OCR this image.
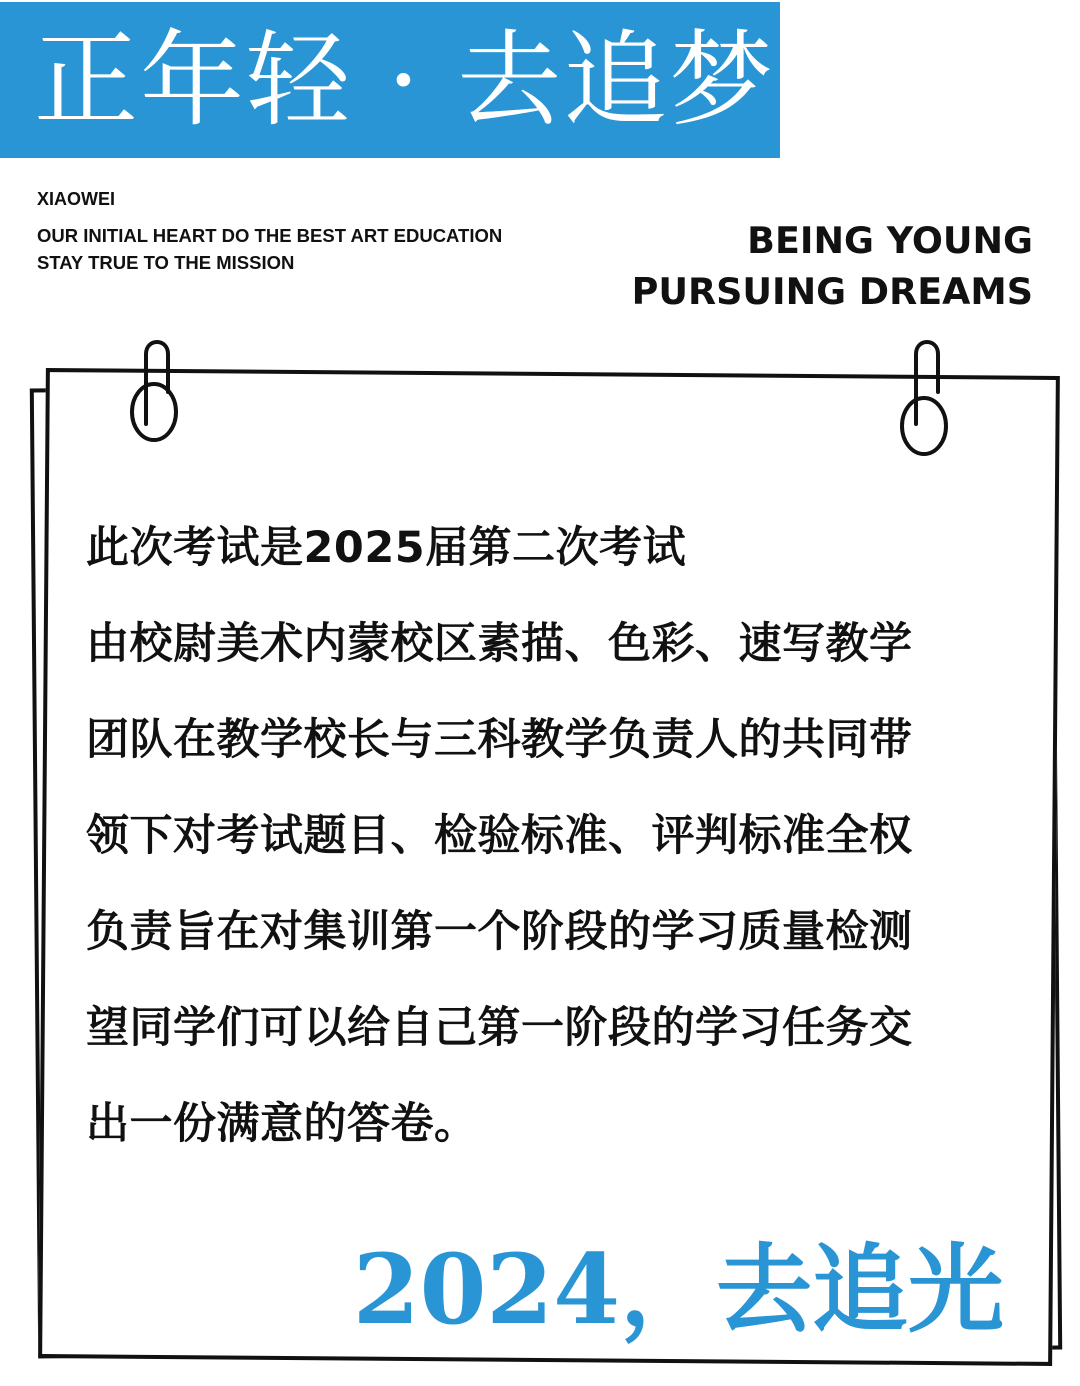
正年轻 · 去追梦
XIAOWEI
OUR INITIAL HEART DO THE BEST ART EDUCATION
STAY TRUE TO THE MISSION
BEING YOUNG
PURSUING DREAMS
此次考试是2025届第二次考试
由校尉美术内蒙校区素描、色彩、速写教学
团队在教学校长与三科教学负责人的共同带
领下对考试题目、检验标准、评判标准全权
负责旨在对集训第一个阶段的学习质量检测
望同学们可以给自己第一阶段的学习任务交
出一份满意的答卷。
2024，去追光
